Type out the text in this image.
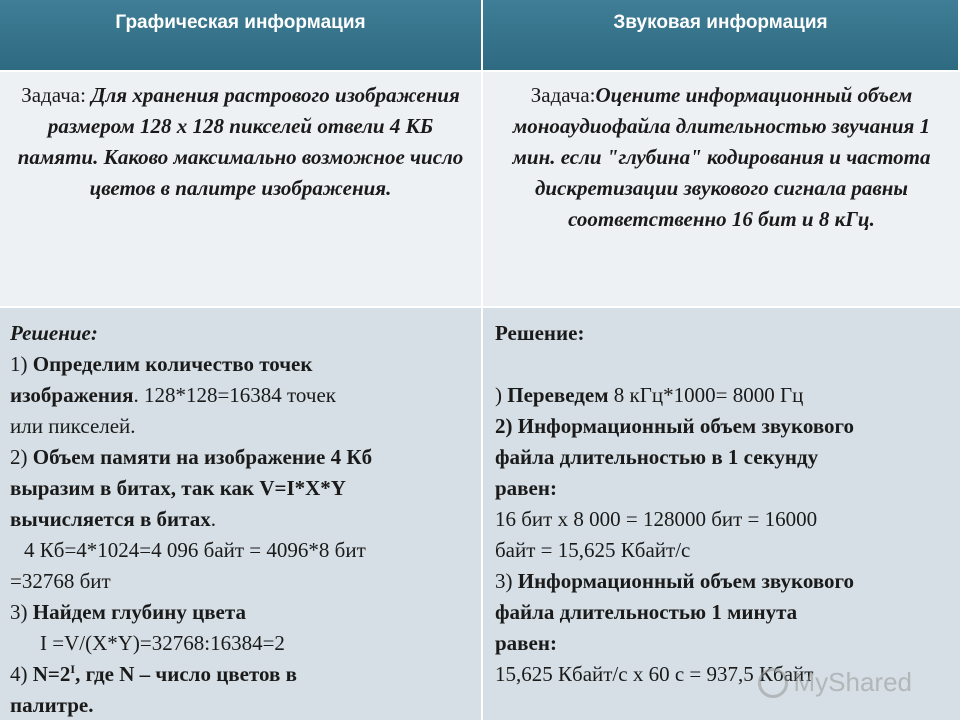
Графическая информация	Звуковая информация
Задача: Для хранения растрового изображения размером 128 х 128 пикселей отвели 4 КБ памяти. Каково максимально возможное число цветов в палитре изображения.
Задача:Оцените информационный объем моноаудиофайла длительностью звучания 1 мин. если "глубина" кодирования и частота дискретизации звукового сигнала равны соответственно 16 бит и 8 кГц.
Решение:
1) Определим количество точек
изображения. 128*128=16384 точек
или пикселей.
2) Объем памяти на изображение 4 Кб
выразим в битах, так как V=I*X*Y
вычисляется в битах.
4 Кб=4*1024=4 096 байт = 4096*8 бит
=32768 бит
3) Найдем глубину цвета
I =V/(X*Y)=32768:16384=2
4) $N=2^I$, где N – число цветов в
палитре.
Решение:
) Переведем 8 кГц*1000= 8000 Гц
2) Информационный объем звукового
файла длительностью в 1 секунду
равен:
16 бит х 8 000 = 128000 бит = 16000
байт = 15,625 Кбайт/с
3) Информационный объем звукового
файла длительностью 1 минута
равен:
15,625 Кбайт/с х 60 с = 937,5 Кбайт
MyShared
